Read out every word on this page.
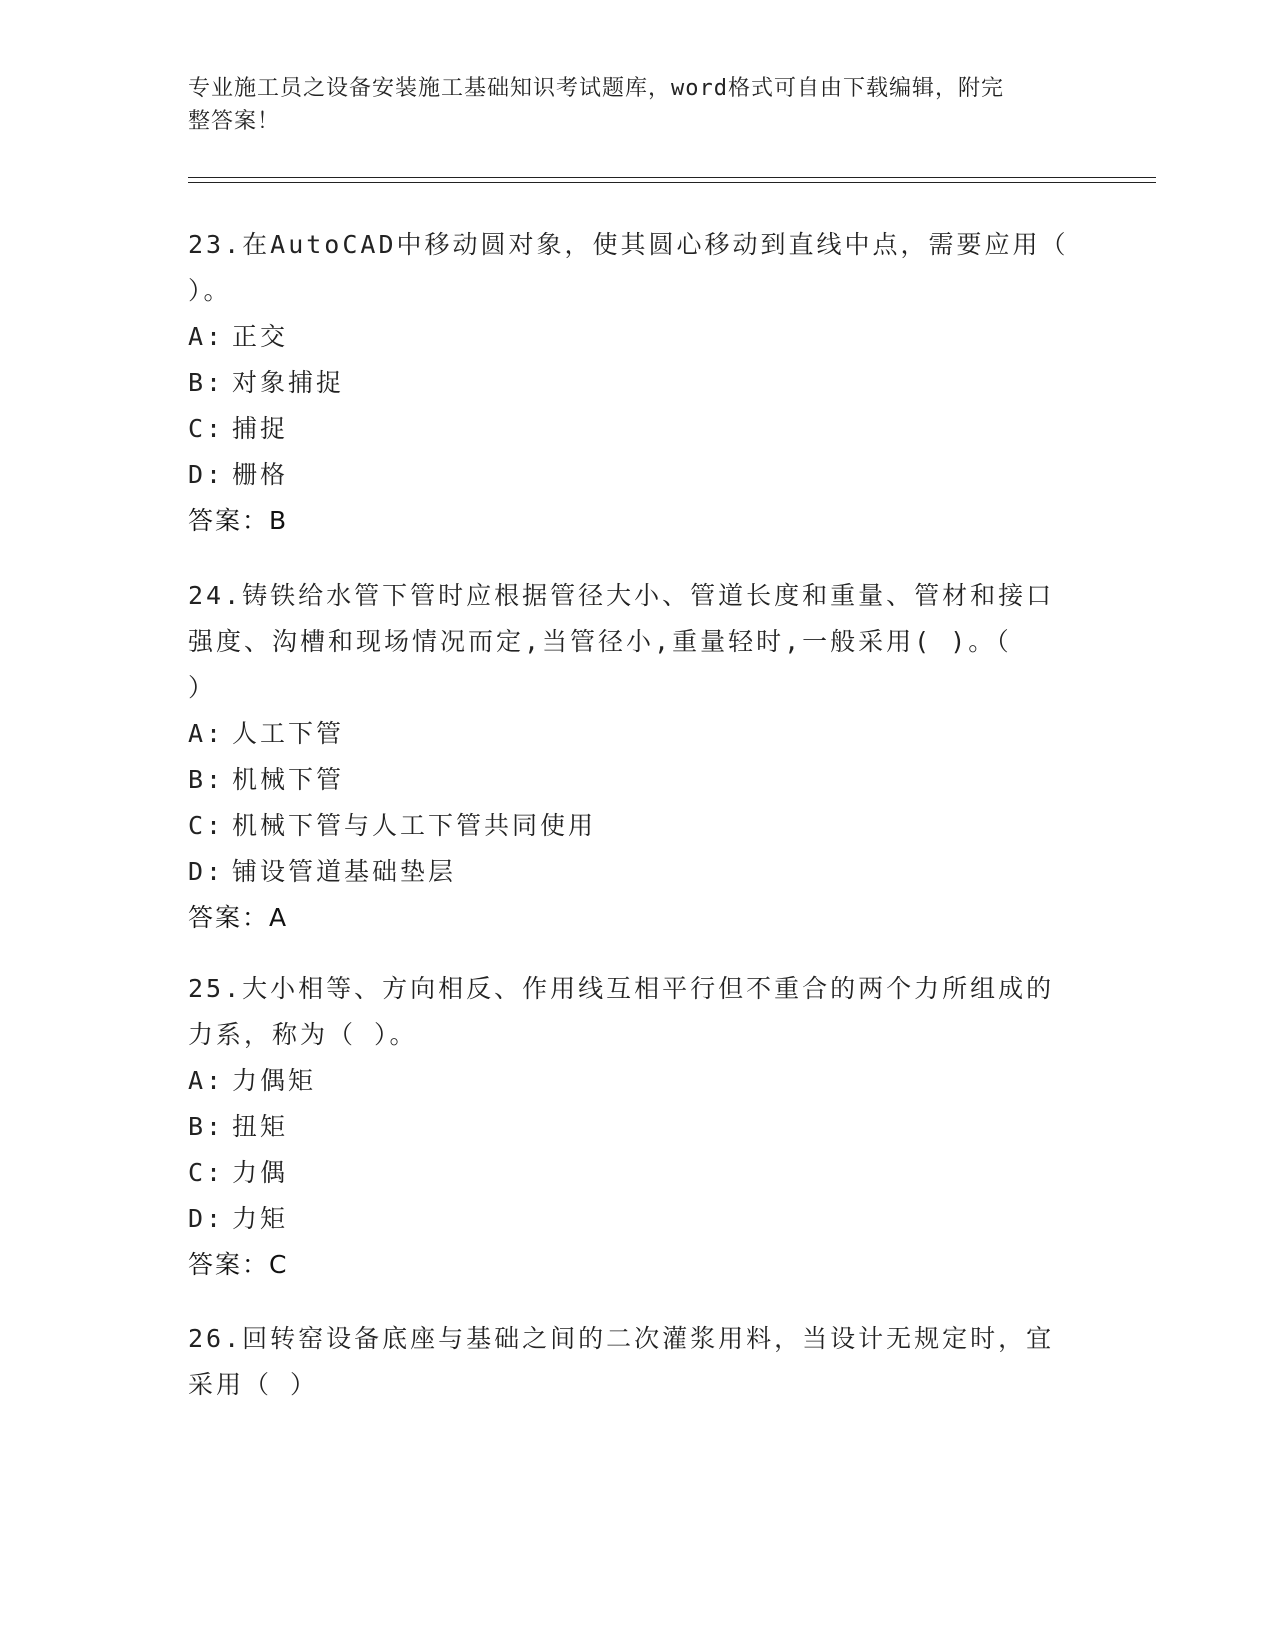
专业施工员之设备安装施工基础知识考试题库，word格式可自由下载编辑，附完
整答案！

23.在AutoCAD中移动圆对象，使其圆心移动到直线中点，需要应用（

）。

A: 正交

B: 对象捕捉

C: 捕捉

D: 栅格

答案：B

24.铸铁给水管下管时应根据管径大小、管道长度和重量、管材和接口

强度、沟槽和现场情况而定,当管径小,重量轻时,一般采用( )。（

）

A: 人工下管

B: 机械下管

C: 机械下管与人工下管共同使用

D: 铺设管道基础垫层

答案：A

25.大小相等、方向相反、作用线互相平行但不重合的两个力所组成的

力系，称为（ ）。

A: 力偶矩

B: 扭矩

C: 力偶

D: 力矩

答案：C

26.回转窑设备底座与基础之间的二次灌浆用料，当设计无规定时，宜

采用（ ）
